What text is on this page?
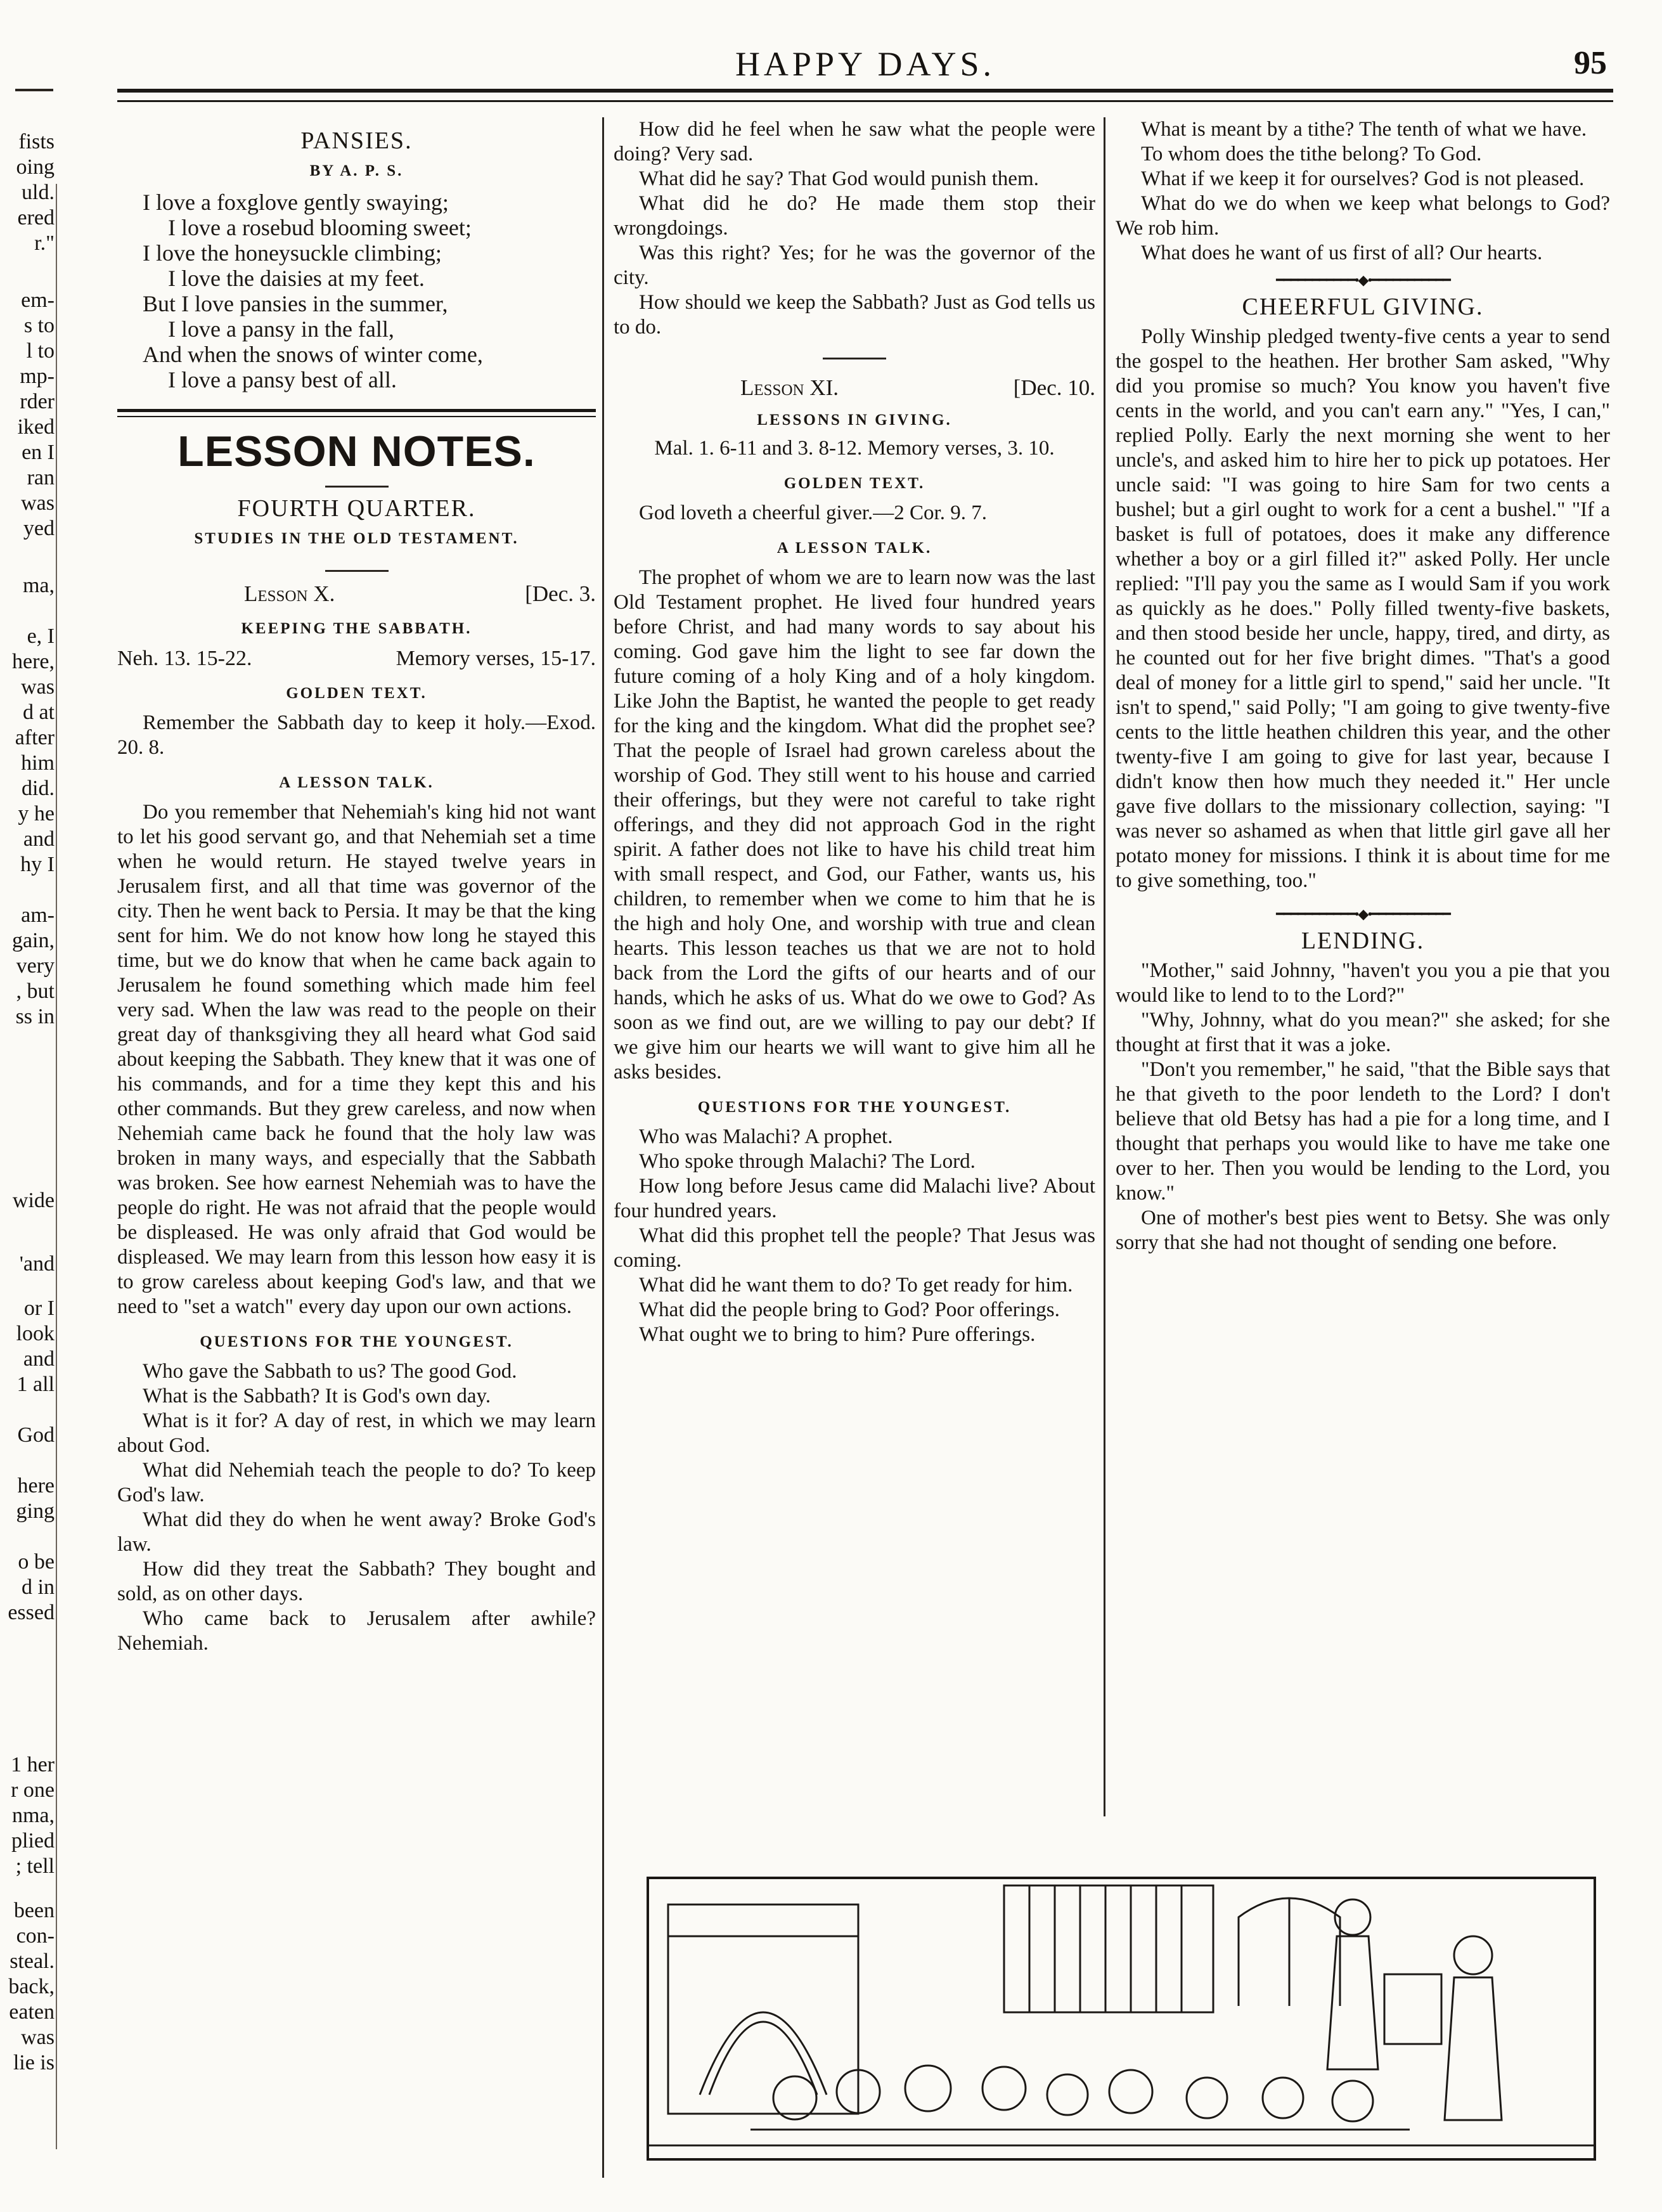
HAPPY DAYS.	95
fists
oing
uld.
ered
r."
em-
s to
l to
mp-
rder
iked
en I
ran
was
yed
ma,
e, I
here,
was
d at
after
him
did.
y he
and
hy I
am-
gain,
very
, but
ss in
wide
'and
or I
look
and
1 all
God
here
ging
o be
d in
essed
1 her
r one
nma,
plied
; tell
been
con-
steal.
back,
eaten
was
lie is

PANSIES.

BY A. P. S.

I love a foxglove gently swaying;

I love a rosebud blooming sweet;

I love the honeysuckle climbing;

I love the daisies at my feet.

But I love pansies in the summer,

I love a pansy in the fall,

And when the snows of winter come,

I love a pansy best of all.

LESSON NOTES.

FOURTH QUARTER.

STUDIES IN THE OLD TESTAMENT.

Lesson X.	[Dec. 3.

KEEPING THE SABBATH.

Neh. 13. 15-22.	Memory verses, 15-17.

GOLDEN TEXT.

Remember the Sabbath day to keep it holy.—Exod. 20. 8.

A LESSON TALK.

Do you remember that Nehemiah's king hid not want to let his good servant go, and that Nehemiah set a time when he would return. He stayed twelve years in Jerusalem first, and all that time was governor of the city. Then he went back to Persia. It may be that the king sent for him. We do not know how long he stayed this time, but we do know that when he came back again to Jerusalem he found something which made him feel very sad. When the law was read to the people on their great day of thanksgiving they all heard what God said about keeping the Sabbath. They knew that it was one of his commands, and for a time they kept this and his other commands. But they grew careless, and now when Nehemiah came back he found that the holy law was broken in many ways, and especially that the Sabbath was broken. See how earnest Nehemiah was to have the people do right. He was not afraid that the people would be displeased. He was only afraid that God would be displeased. We may learn from this lesson how easy it is to grow careless about keeping God's law, and that we need to "set a watch" every day upon our own actions.

QUESTIONS FOR THE YOUNGEST.

Who gave the Sabbath to us? The good God.

What is the Sabbath? It is God's own day.

What is it for? A day of rest, in which we may learn about God.

What did Nehemiah teach the people to do? To keep God's law.

What did they do when he went away? Broke God's law.

How did they treat the Sabbath? They bought and sold, as on other days.

Who came back to Jerusalem after awhile? Nehemiah.

How did he feel when he saw what the people were doing? Very sad.

What did he say? That God would punish them.

What did he do? He made them stop their wrongdoings.

Was this right? Yes; for he was the governor of the city.

How should we keep the Sabbath? Just as God tells us to do.

Lesson XI.	[Dec. 10.

LESSONS IN GIVING.

Mal. 1. 6-11 and 3. 8-12. Memory verses, 3. 10.

GOLDEN TEXT.

God loveth a cheerful giver.—2 Cor. 9. 7.

A LESSON TALK.

The prophet of whom we are to learn now was the last Old Testament prophet. He lived four hundred years before Christ, and had many words to say about his coming. God gave him the light to see far down the future coming of a holy King and of a holy kingdom. Like John the Baptist, he wanted the people to get ready for the king and the kingdom. What did the prophet see? That the people of Israel had grown careless about the worship of God. They still went to his house and carried their offerings, but they were not careful to take right offerings, and they did not approach God in the right spirit. A father does not like to have his child treat him with small respect, and God, our Father, wants us, his children, to remember when we come to him that he is the high and holy One, and worship with true and clean hearts. This lesson teaches us that we are not to hold back from the Lord the gifts of our hearts and of our hands, which he asks of us. What do we owe to God? As soon as we find out, are we willing to pay our debt? If we give him our hearts we will want to give him all he asks besides.

QUESTIONS FOR THE YOUNGEST.

Who was Malachi? A prophet.

Who spoke through Malachi? The Lord.

How long before Jesus came did Malachi live? About four hundred years.

What did this prophet tell the people? That Jesus was coming.

What did he want them to do? To get ready for him.

What did the people bring to God? Poor offerings.

What ought we to bring to him? Pure offerings.

What is meant by a tithe? The tenth of what we have.

To whom does the tithe belong? To God.

What if we keep it for ourselves? God is not pleased.

What do we do when we keep what belongs to God? We rob him.

What does he want of us first of all? Our hearts.

━━━━━━━━━━━•◆•━━━━━━━━━━━

CHEERFUL GIVING.

Polly Winship pledged twenty-five cents a year to send the gospel to the heathen. Her brother Sam asked, "Why did you promise so much? You know you haven't five cents in the world, and you can't earn any." "Yes, I can," replied Polly. Early the next morning she went to her uncle's, and asked him to hire her to pick up potatoes. Her uncle said: "I was going to hire Sam for two cents a bushel; but a girl ought to work for a cent a bushel." "If a basket is full of potatoes, does it make any difference whether a boy or a girl filled it?" asked Polly. Her uncle replied: "I'll pay you the same as I would Sam if you work as quickly as he does." Polly filled twenty-five baskets, and then stood beside her uncle, happy, tired, and dirty, as he counted out for her five bright dimes. "That's a good deal of money for a little girl to spend," said her uncle. "It isn't to spend," said Polly; "I am going to give twenty-five cents to the little heathen children this year, and the other twenty-five I am going to give for last year, because I didn't know then how much they needed it." Her uncle gave five dollars to the missionary collection, saying: "I was never so ashamed as when that little girl gave all her potato money for missions. I think it is about time for me to give something, too."

━━━━━━━━━━━•◆•━━━━━━━━━━━

LENDING.

"Mother," said Johnny, "haven't you you a pie that you would like to lend to to the Lord?"

"Why, Johnny, what do you mean?" she asked; for she thought at first that it was a joke.

"Don't you remember," he said, "that the Bible says that he that giveth to the poor lendeth to the Lord? I don't believe that old Betsy has had a pie for a long time, and I thought that perhaps you would like to have me take one over to her. Then you would be lending to the Lord, you know."

One of mother's best pies went to Betsy. She was only sorry that she had not thought of sending one before.
